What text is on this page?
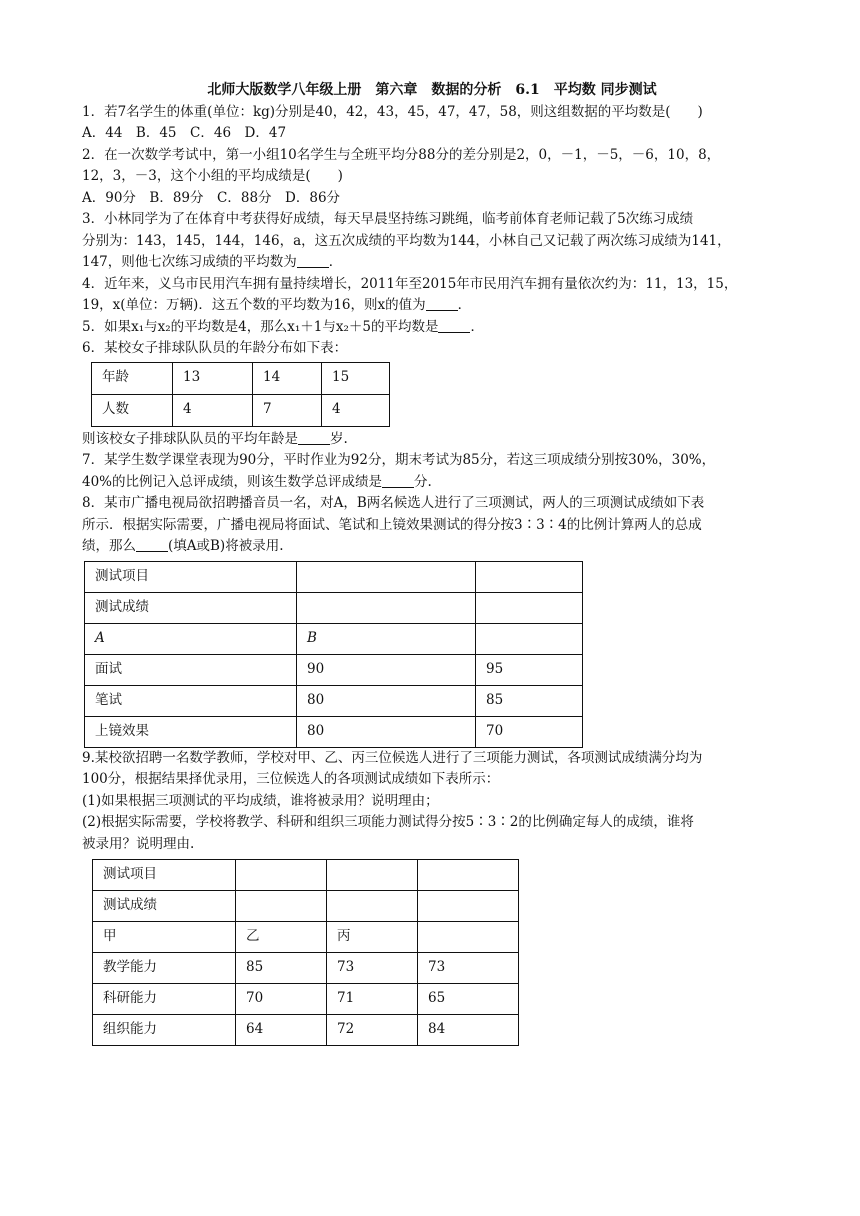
北师大版数学八年级上册　第六章　数据的分析　6.1　平均数 同步测试
1．若7名学生的体重(单位：kg)分别是40，42，43，45，47，47，58，则这组数据的平均数是(　　)
A．44　B．45　C．46　D．47
2．在一次数学考试中，第一小组10名学生与全班平均分88分的差分别是2，0，－1，－5，－6，10，8，
12，3，－3，这个小组的平均成绩是(　　)
A．90分　B．89分　C．88分　D．86分
3．小林同学为了在体育中考获得好成绩，每天早晨坚持练习跳绳，临考前体育老师记载了5次练习成绩
分别为：143，145，144，146，a，这五次成绩的平均数为144，小林自己又记载了两次练习成绩为141，
147，则他七次练习成绩的平均数为 ．
4．近年来，义乌市民用汽车拥有量持续增长，2011年至2015年市民用汽车拥有量依次约为：11，13，15，
19，x(单位：万辆)．这五个数的平均数为16，则x的值为 ．
5．如果x₁与x₂的平均数是4，那么x₁＋1与x₂＋5的平均数是 ．
6．某校女子排球队队员的年龄分布如下表：
年龄	13	14	15
人数	4	7	4
则该校女子排球队队员的平均年龄是 岁.
7．某学生数学课堂表现为90分，平时作业为92分，期末考试为85分，若这三项成绩分别按30%，30%，
40%的比例记入总评成绩，则该生数学总评成绩是 分.
8．某市广播电视局欲招聘播音员一名，对A，B两名候选人进行了三项测试，两人的三项测试成绩如下表
所示．根据实际需要，广播电视局将面试、笔试和上镜效果测试的得分按3∶3∶4的比例计算两人的总成
绩，那么 (填A或B)将被录用.
测试项目		
测试成绩		
A	B	
面试	90	95
笔试	80	85
上镜效果	80	70
9.某校欲招聘一名数学教师，学校对甲、乙、丙三位候选人进行了三项能力测试，各项测试成绩满分均为
100分，根据结果择优录用，三位候选人的各项测试成绩如下表所示：
(1)如果根据三项测试的平均成绩，谁将被录用？说明理由；
(2)根据实际需要，学校将教学、科研和组织三项能力测试得分按5∶3∶2的比例确定每人的成绩，谁将
被录用？说明理由.
测试项目			
测试成绩			
甲	乙	丙	
教学能力	85	73	73
科研能力	70	71	65
组织能力	64	72	84
